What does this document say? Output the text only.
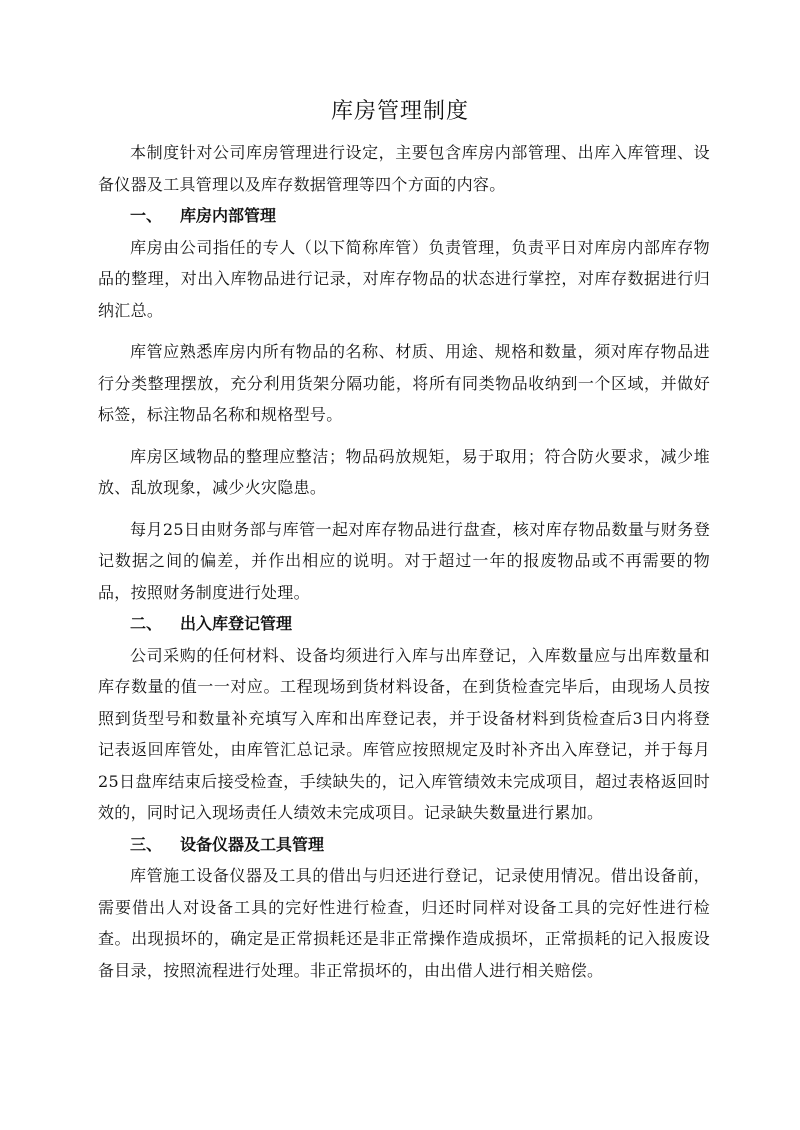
库房管理制度

本制度针对公司库房管理进行设定，主要包含库房内部管理、出库入库管理、设备仪器及工具管理以及库存数据管理等四个方面的内容。

一、 库房内部管理

库房由公司指任的专人（以下简称库管）负责管理，负责平日对库房内部库存物品的整理，对出入库物品进行记录，对库存物品的状态进行掌控，对库存数据进行归纳汇总。

库管应熟悉库房内所有物品的名称、材质、用途、规格和数量，须对库存物品进行分类整理摆放，充分利用货架分隔功能，将所有同类物品收纳到一个区域，并做好标签，标注物品名称和规格型号。

库房区域物品的整理应整洁；物品码放规矩，易于取用；符合防火要求，减少堆放、乱放现象，减少火灾隐患。

每月25日由财务部与库管一起对库存物品进行盘查，核对库存物品数量与财务登记数据之间的偏差，并作出相应的说明。对于超过一年的报废物品或不再需要的物品，按照财务制度进行处理。

二、 出入库登记管理

公司采购的任何材料、设备均须进行入库与出库登记，入库数量应与出库数量和库存数量的值一一对应。工程现场到货材料设备，在到货检查完毕后，由现场人员按照到货型号和数量补充填写入库和出库登记表，并于设备材料到货检查后3日内将登记表返回库管处，由库管汇总记录。库管应按照规定及时补齐出入库登记，并于每月25日盘库结束后接受检查，手续缺失的，记入库管绩效未完成项目，超过表格返回时效的，同时记入现场责任人绩效未完成项目。记录缺失数量进行累加。

三、 设备仪器及工具管理

库管施工设备仪器及工具的借出与归还进行登记，记录使用情况。借出设备前，需要借出人对设备工具的完好性进行检查，归还时同样对设备工具的完好性进行检查。出现损坏的，确定是正常损耗还是非正常操作造成损坏，正常损耗的记入报废设备目录，按照流程进行处理。非正常损坏的，由出借人进行相关赔偿。
